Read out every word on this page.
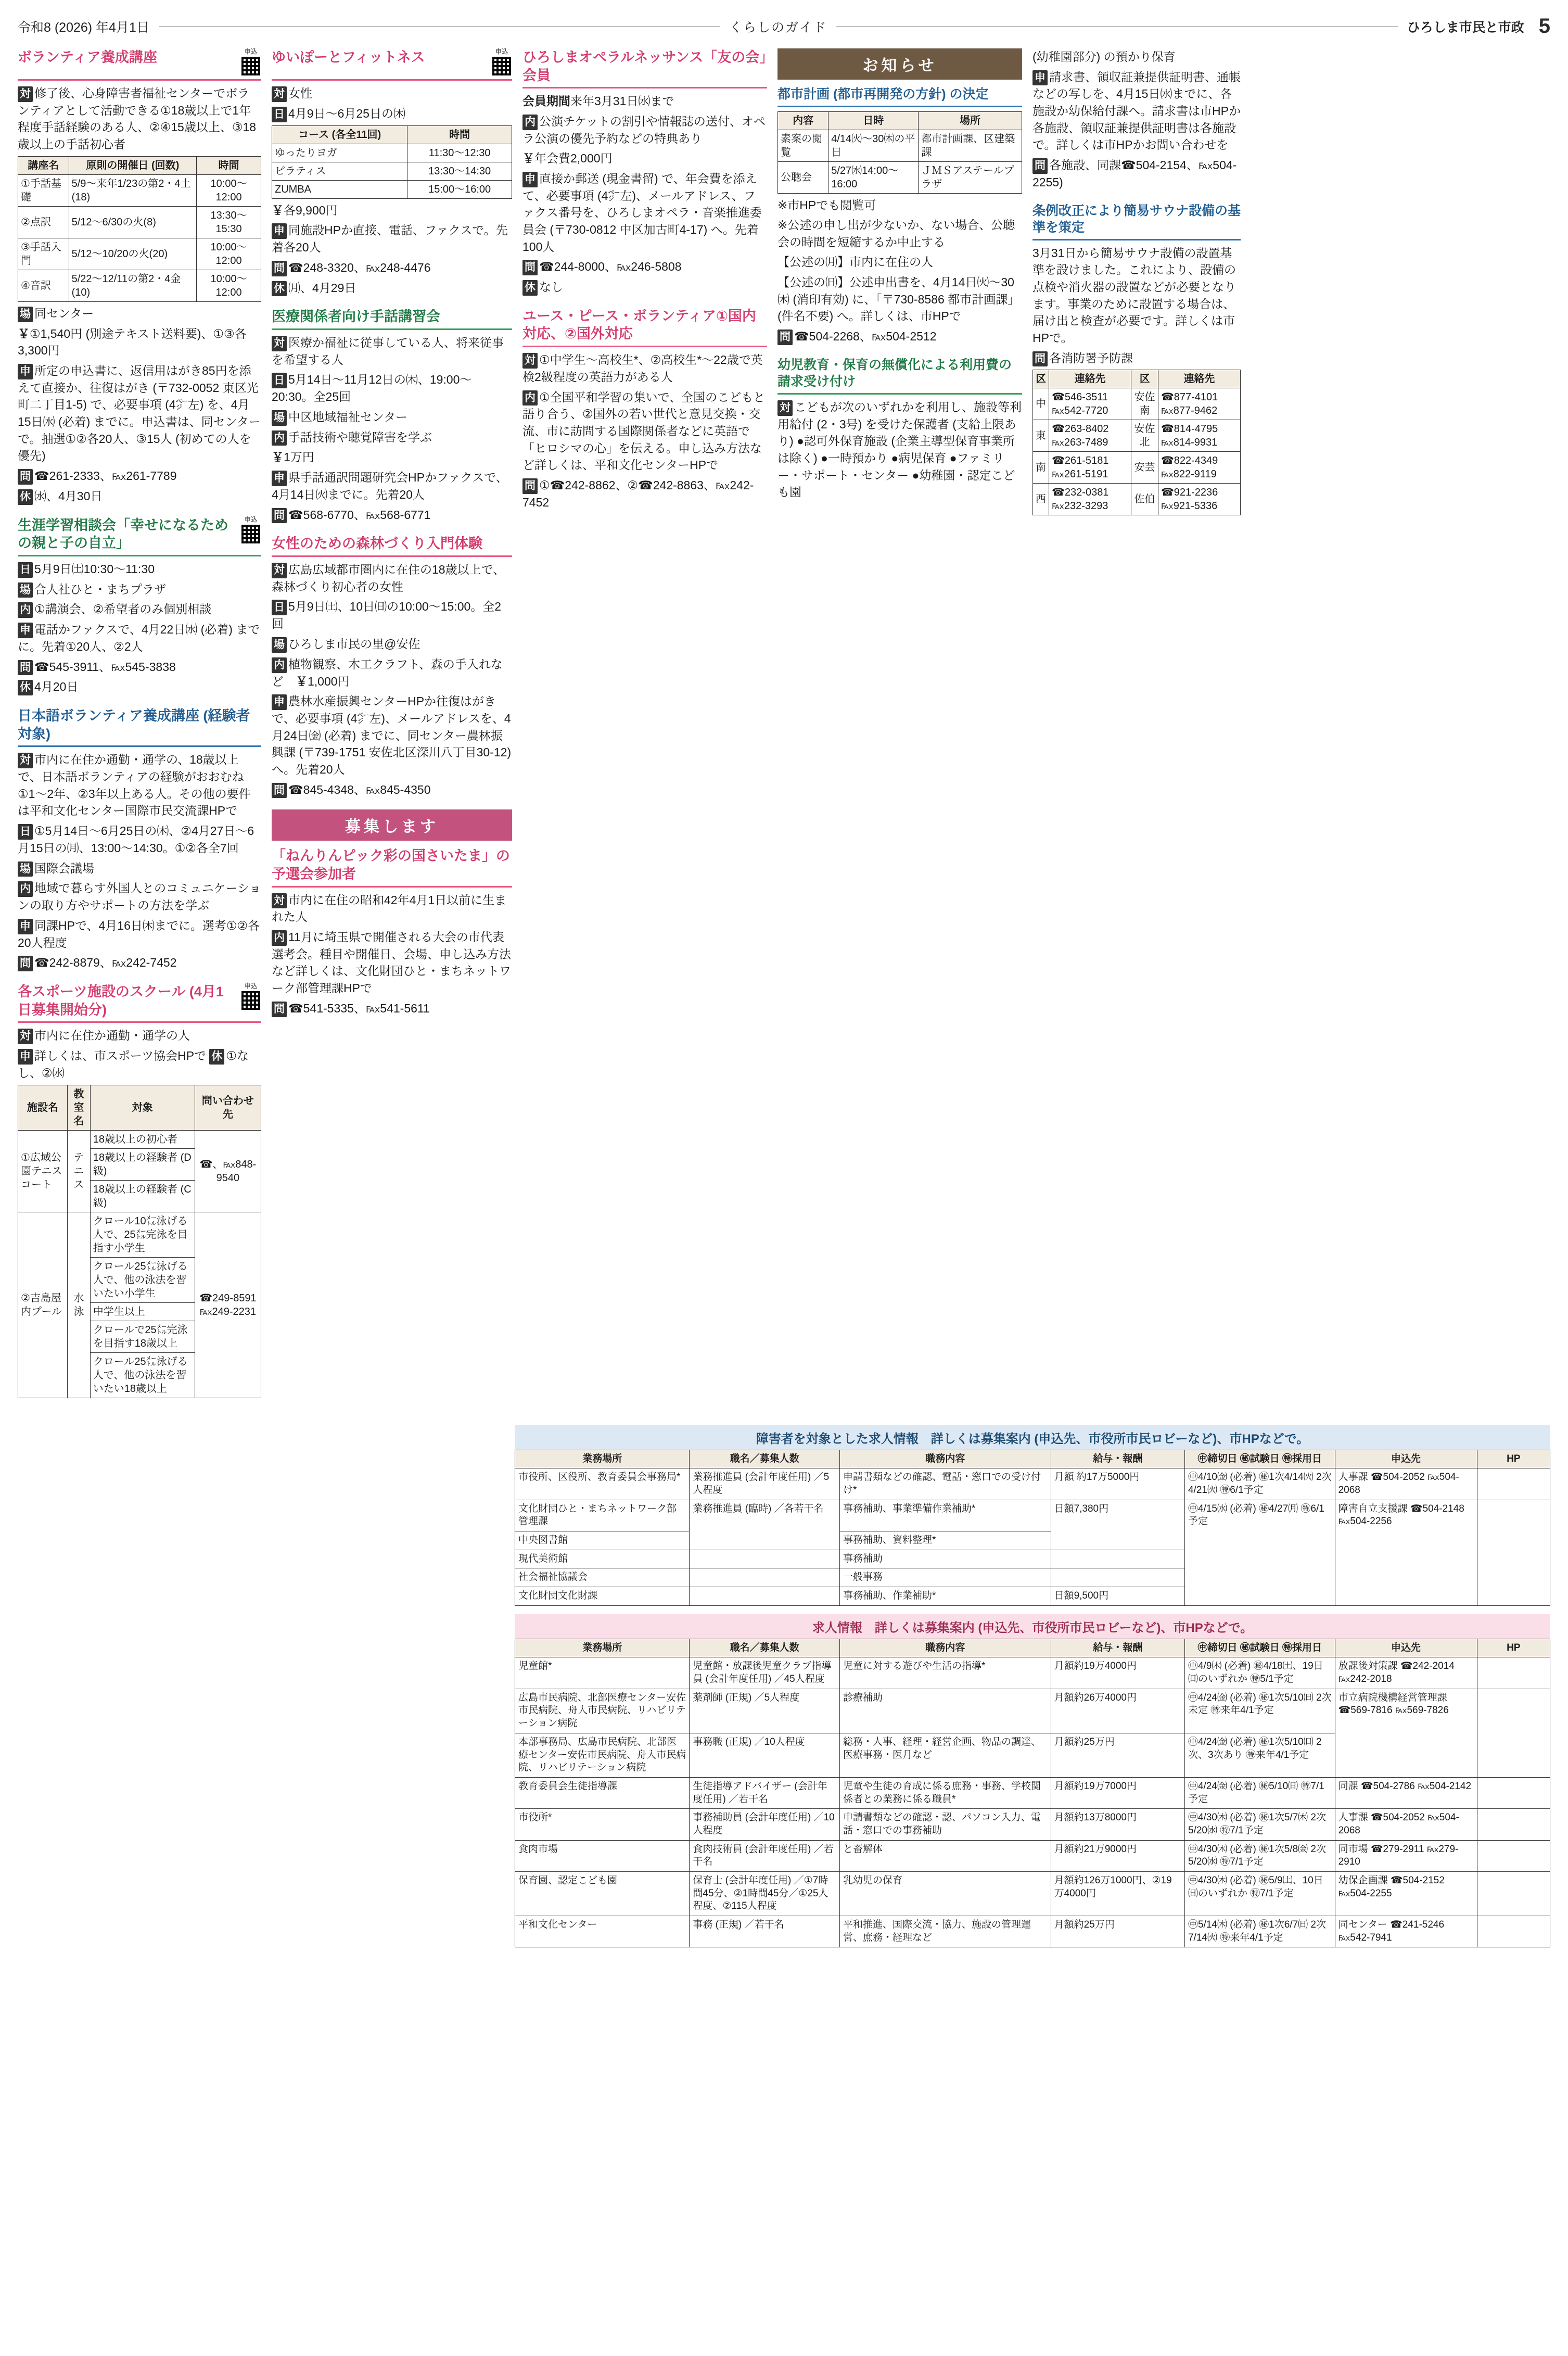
令和8 (2026) 年4月1日	くらしのガイド	ひろしま市民と市政 5
ボランティア養成講座	申込

対 修了後、心身障害者福祉センターでボランティアとして活動できる①18歳以上で1年程度手話経験のある人、②④15歳以上、③18歳以上の手話初心者

講座名	原則の開催日 (回数)	時間
①手話基礎	5/9〜来年1/23の第2・4土(18)	10:00〜12:00
②点訳	5/12〜6/30の火(8)	13:30〜15:30
③手話入門	5/12〜10/20の火(20)	10:00〜12:00
④音訳	5/22〜12/11の第2・4金(10)	10:00〜12:00

場 同センター

￥①1,540円 (別途テキスト送料要)、①③各3,300円

申 所定の申込書に、返信用はがき85円を添えて直接か、往復はがき (〒732-0052 東区光町二丁目1-5) で、必要事項 (4㌻左) を、4月15日㈬ (必着) までに。申込書は、同センターで。抽選①②各20人、③15人 (初めての人を優先)

問 ☎261-2333、℻261-7789

休 ㈬、4月30日

生涯学習相談会「幸せになるための親と子の自立」
申込

日 5月9日㈯10:30〜11:30

場 合人社ひと・まちプラザ

内 ①講演会、②希望者のみ個別相談

申 電話かファクスで、4月22日㈬ (必着) までに。先着①20人、②2人

問 ☎545-3911、℻545-3838

休 4月20日

日本語ボランティア養成講座 (経験者対象)

対 市内に在住か通勤・通学の、18歳以上で、日本語ボランティアの経験がおおむね①1〜2年、②3年以上ある人。その他の要件は平和文化センター国際市民交流課HPで

日 ①5月14日〜6月25日の㈭、②4月27日〜6月15日の㈪、13:00〜14:30。①②各全7回

場 国際会議場

内 地域で暮らす外国人とのコミュニケーションの取り方やサポートの方法を学ぶ

申 同課HPで、4月16日㈭までに。選考①②各20人程度

問 ☎242-8879、℻242-7452

各スポーツ施設のスクール (4月1日募集開始分)
申込

対 市内に在住か通勤・通学の人

申 詳しくは、市スポーツ協会HPで 休 ①なし、②㈬

施設名	教室名	対象	問い合わせ先
①広域公園テニスコート	テニス	18歳以上の初心者	☎、℻848-9540
		18歳以上の経験者 (D級)	
		18歳以上の経験者 (C級)	
②吉島屋内プール	水泳	クロール10㍍泳げる人で、25㍍完泳を目指す小学生	☎249-8591 ℻249-2231
		クロール25㍍泳げる人で、他の泳法を習いたい小学生	
		中学生以上	
		クロールで25㍍完泳を目指す18歳以上	
		クロール25㍍泳げる人で、他の泳法を習いたい18歳以上	
ゆいぽーとフィットネス	申込

対 女性

日 4月9日〜6月25日の㈭

コース (各全11回)	時間
ゆったりヨガ	11:30〜12:30
ピラティス	13:30〜14:30
ZUMBA	15:00〜16:00

￥各9,900円

申 同施設HPか直接、電話、ファクスで。先着各20人

問 ☎248-3320、℻248-4476

休 ㈪、4月29日

医療関係者向け手話講習会

対 医療か福祉に従事している人、将来従事を希望する人

日 5月14日〜11月12日の㈭、19:00〜20:30。全25回

場 中区地域福祉センター

内 手話技術や聴覚障害を学ぶ

￥1万円

申 県手話通訳問題研究会HPかファクスで、4月14日㈫までに。先着20人

問 ☎568-6770、℻568-6771

女性のための森林づくり入門体験

対 広島広域都市圏内に在住の18歳以上で、森林づくり初心者の女性

日 5月9日㈯、10日㈰の10:00〜15:00。全2回

場 ひろしま市民の里@安佐

内 植物観察、木工クラフト、森の手入れなど　 ￥1,000円

申 農林水産振興センターHPか往復はがきで、必要事項 (4㌻左)、メールアドレスを、4月24日㈮ (必着) までに、同センター農林振興課 (〒739-1751 安佐北区深川八丁目30-12) へ。先着20人

問 ☎845-4348、℻845-4350

募集します
「ねんりんピック彩の国さいたま」の予選会参加者

対 市内に在住の昭和42年4月1日以前に生まれた人

内 11月に埼玉県で開催される大会の市代表選考会。種目や開催日、会場、申し込み方法など詳しくは、文化財団ひと・まちネットワーク部管理課HPで

問 ☎541-5335、℻541-5611

ひろしまオペラルネッサンス「友の会」会員

会員期間来年3月31日㈬まで

内 公演チケットの割引や情報誌の送付、オペラ公演の優先予約などの特典あり

￥年会費2,000円

申 直接か郵送 (現金書留) で、年会費を添えて、必要事項 (4㌻左)、メールアドレス、ファクス番号を、ひろしまオペラ・音楽推進委員会 (〒730-0812 中区加古町4-17) へ。先着100人

問 ☎244-8000、℻246-5808

休 なし

ユース・ピース・ボランティア①国内対応、②国外対応

対 ①中学生〜高校生*、②高校生*〜22歳で英検2級程度の英語力がある人

内 ①全国平和学習の集いで、全国のこどもと語り合う、②国外の若い世代と意見交換・交流、市に訪問する国際関係者などに英語で「ヒロシマの心」を伝える。申し込み方法など詳しくは、平和文化センターHPで

問 ①☎242-8862、②☎242-8863、℻242-7452

お知らせ
都市計画 (都市再開発の方針) の決定
内容	日時	場所
素案の閲覧	4/14㈫〜30㈭の平日	都市計画課、区建築課
公聴会	5/27㈬14:00〜16:00	ＪＭＳアステールプラザ

※市HPでも閲覧可

※公述の申し出が少ないか、ない場合、公聴会の時間を短縮するか中止する

【公述の㈪】市内に在住の人

【公述の㈰】公述申出書を、4月14日㈫〜30㈭ (消印有効) に、「〒730-8586 都市計画課」 (件名不要) へ。詳しくは、市HPで

問 ☎504-2268、℻504-2512

幼児教育・保育の無償化による利用費の請求受け付け

対 こどもが次のいずれかを利用し、施設等利用給付 (2・3号) を受けた保護者 (支給上限あり) ●認可外保育施設 (企業主導型保育事業所は除く) ●一時預かり ●病児保育 ●ファミリー・サポート・センター ●幼稚園・認定こども園

(幼稚園部分) の預かり保育

申 請求書、領収証兼提供証明書、通帳などの写しを、4月15日㈬までに、各施設か幼保給付課へ。請求書は市HPか各施設、領収証兼提供証明書は各施設で。詳しくは市HPかお問い合わせを

問 各施設、同課☎504-2154、℻504-2255)

条例改正により簡易サウナ設備の基準を策定

3月31日から簡易サウナ設備の設置基準を設けました。これにより、設備の点検や消火器の設置などが必要となります。事業のために設置する場合は、届け出と検査が必要です。詳しくは市HPで。

問 各消防署予防課

区	連絡先	区	連絡先
中	☎546-3511 ℻542-7720	安佐南	☎877-4101 ℻877-9462
東	☎263-8402 ℻263-7489	安佐北	☎814-4795 ℻814-9931
南	☎261-5181 ℻261-5191	安芸	☎822-4349 ℻822-9119
西	☎232-0381 ℻232-3293	佐伯	☎921-2236 ℻921-5336
障害者を対象とした求人情報　詳しくは募集案内 (申込先、市役所市民ロビーなど)、市HPなどで。
業務場所	職名／募集人数	職務内容	給与・報酬	㊥締切日 ㊙試験日 ㊕採用日	申込先	HP
市役所、区役所、教育委員会事務局*	業務推進員 (会計年度任用) ／5人程度	申請書類などの確認、電話・窓口での受け付け*	月額 約17万5000円	㊥4/10㈮ (必着) ㊙1次4/14㈫ 2次4/21㈫ ㊕6/1予定	人事課 ☎504-2052 ℻504-2068	
文化財団ひと・まちネットワーク部管理課	業務推進員 (臨時) ／各若干名	事務補助、事業準備作業補助*	日額7,380円	㊥4/15㈬ (必着) ㊙4/27㈪ ㊕6/1予定	障害自立支援課 ☎504-2148 ℻504-2256	
中央図書館		事務補助、資料整理*				
現代美術館		事務補助				
社会福祉協議会		一般事務				
文化財団文化財課		事務補助、作業補助*	日額9,500円			
求人情報　詳しくは募集案内 (申込先、市役所市民ロビーなど)、市HPなどで。
業務場所	職名／募集人数	職務内容	給与・報酬	㊥締切日 ㊙試験日 ㊕採用日	申込先	HP
児童館*	児童館・放課後児童クラブ指導員 (会計年度任用) ／45人程度	児童に対する遊びや生活の指導*	月額約19万4000円	㊥4/9㈭ (必着) ㊙4/18㈯、19日㈰のいずれか ㊕5/1予定	放課後対策課 ☎242-2014 ℻242-2018	
広島市民病院、北部医療センター安佐市民病院、舟入市民病院、リハビリテーション病院	薬剤師 (正規) ／5人程度	診療補助	月額約26万4000円	㊥4/24㈮ (必着) ㊙1次5/10㈰ 2次未定 ㊕来年4/1予定	市立病院機構経営管理課 ☎569-7816 ℻569-7826	
本部事務局、広島市民病院、北部医療センター安佐市民病院、舟入市民病院、リハビリテーション病院	事務職 (正規) ／10人程度	総務・人事、経理・経営企画、物品の調達、医療事務・医月など	月額約25万円	㊥4/24㈮ (必着) ㊙1次5/10㈰ 2次、3次あり ㊕来年4/1予定		
教育委員会生徒指導課	生徒指導アドバイザー (会計年度任用) ／若干名	児童や生徒の育成に係る庶務・事務、学校関係者との業務に係る職員*	月額約19万7000円	㊥4/24㈮ (必着) ㊙5/10㈰ ㊕7/1予定	同課 ☎504-2786 ℻504-2142	
市役所*	事務補助員 (会計年度任用) ／10人程度	申請書類などの確認・認、パソコン入力、電話・窓口での事務補助	月額約13万8000円	㊥4/30㈭ (必着) ㊙1次5/7㈭ 2次5/20㈬ ㊕7/1予定	人事課 ☎504-2052 ℻504-2068	
食肉市場	食肉技術員 (会計年度任用) ／若干名	と畜解体	月額約21万9000円	㊥4/30㈭ (必着) ㊙1次5/8㈮ 2次5/20㈬ ㊕7/1予定	同市場 ☎279-2911 ℻279-2910	
保育園、認定こども園	保育士 (会計年度任用) ／①7時間45分、②1時間45分／①25人程度、②115人程度	乳幼児の保育	月額約126万1000円、②19万4000円	㊥4/30㈭ (必着) ㊙5/9㈯、10日㈰のいずれか ㊕7/1予定	幼保企画課 ☎504-2152 ℻504-2255	
平和文化センター	事務 (正規) ／若干名	平和推進、国際交流・協力、施設の管理運営、庶務・経理など	月額約25万円	㊥5/14㈭ (必着) ㊙1次6/7㈰ 2次7/14㈫ ㊕来年4/1予定	同センター ☎241-5246 ℻542-7941	
